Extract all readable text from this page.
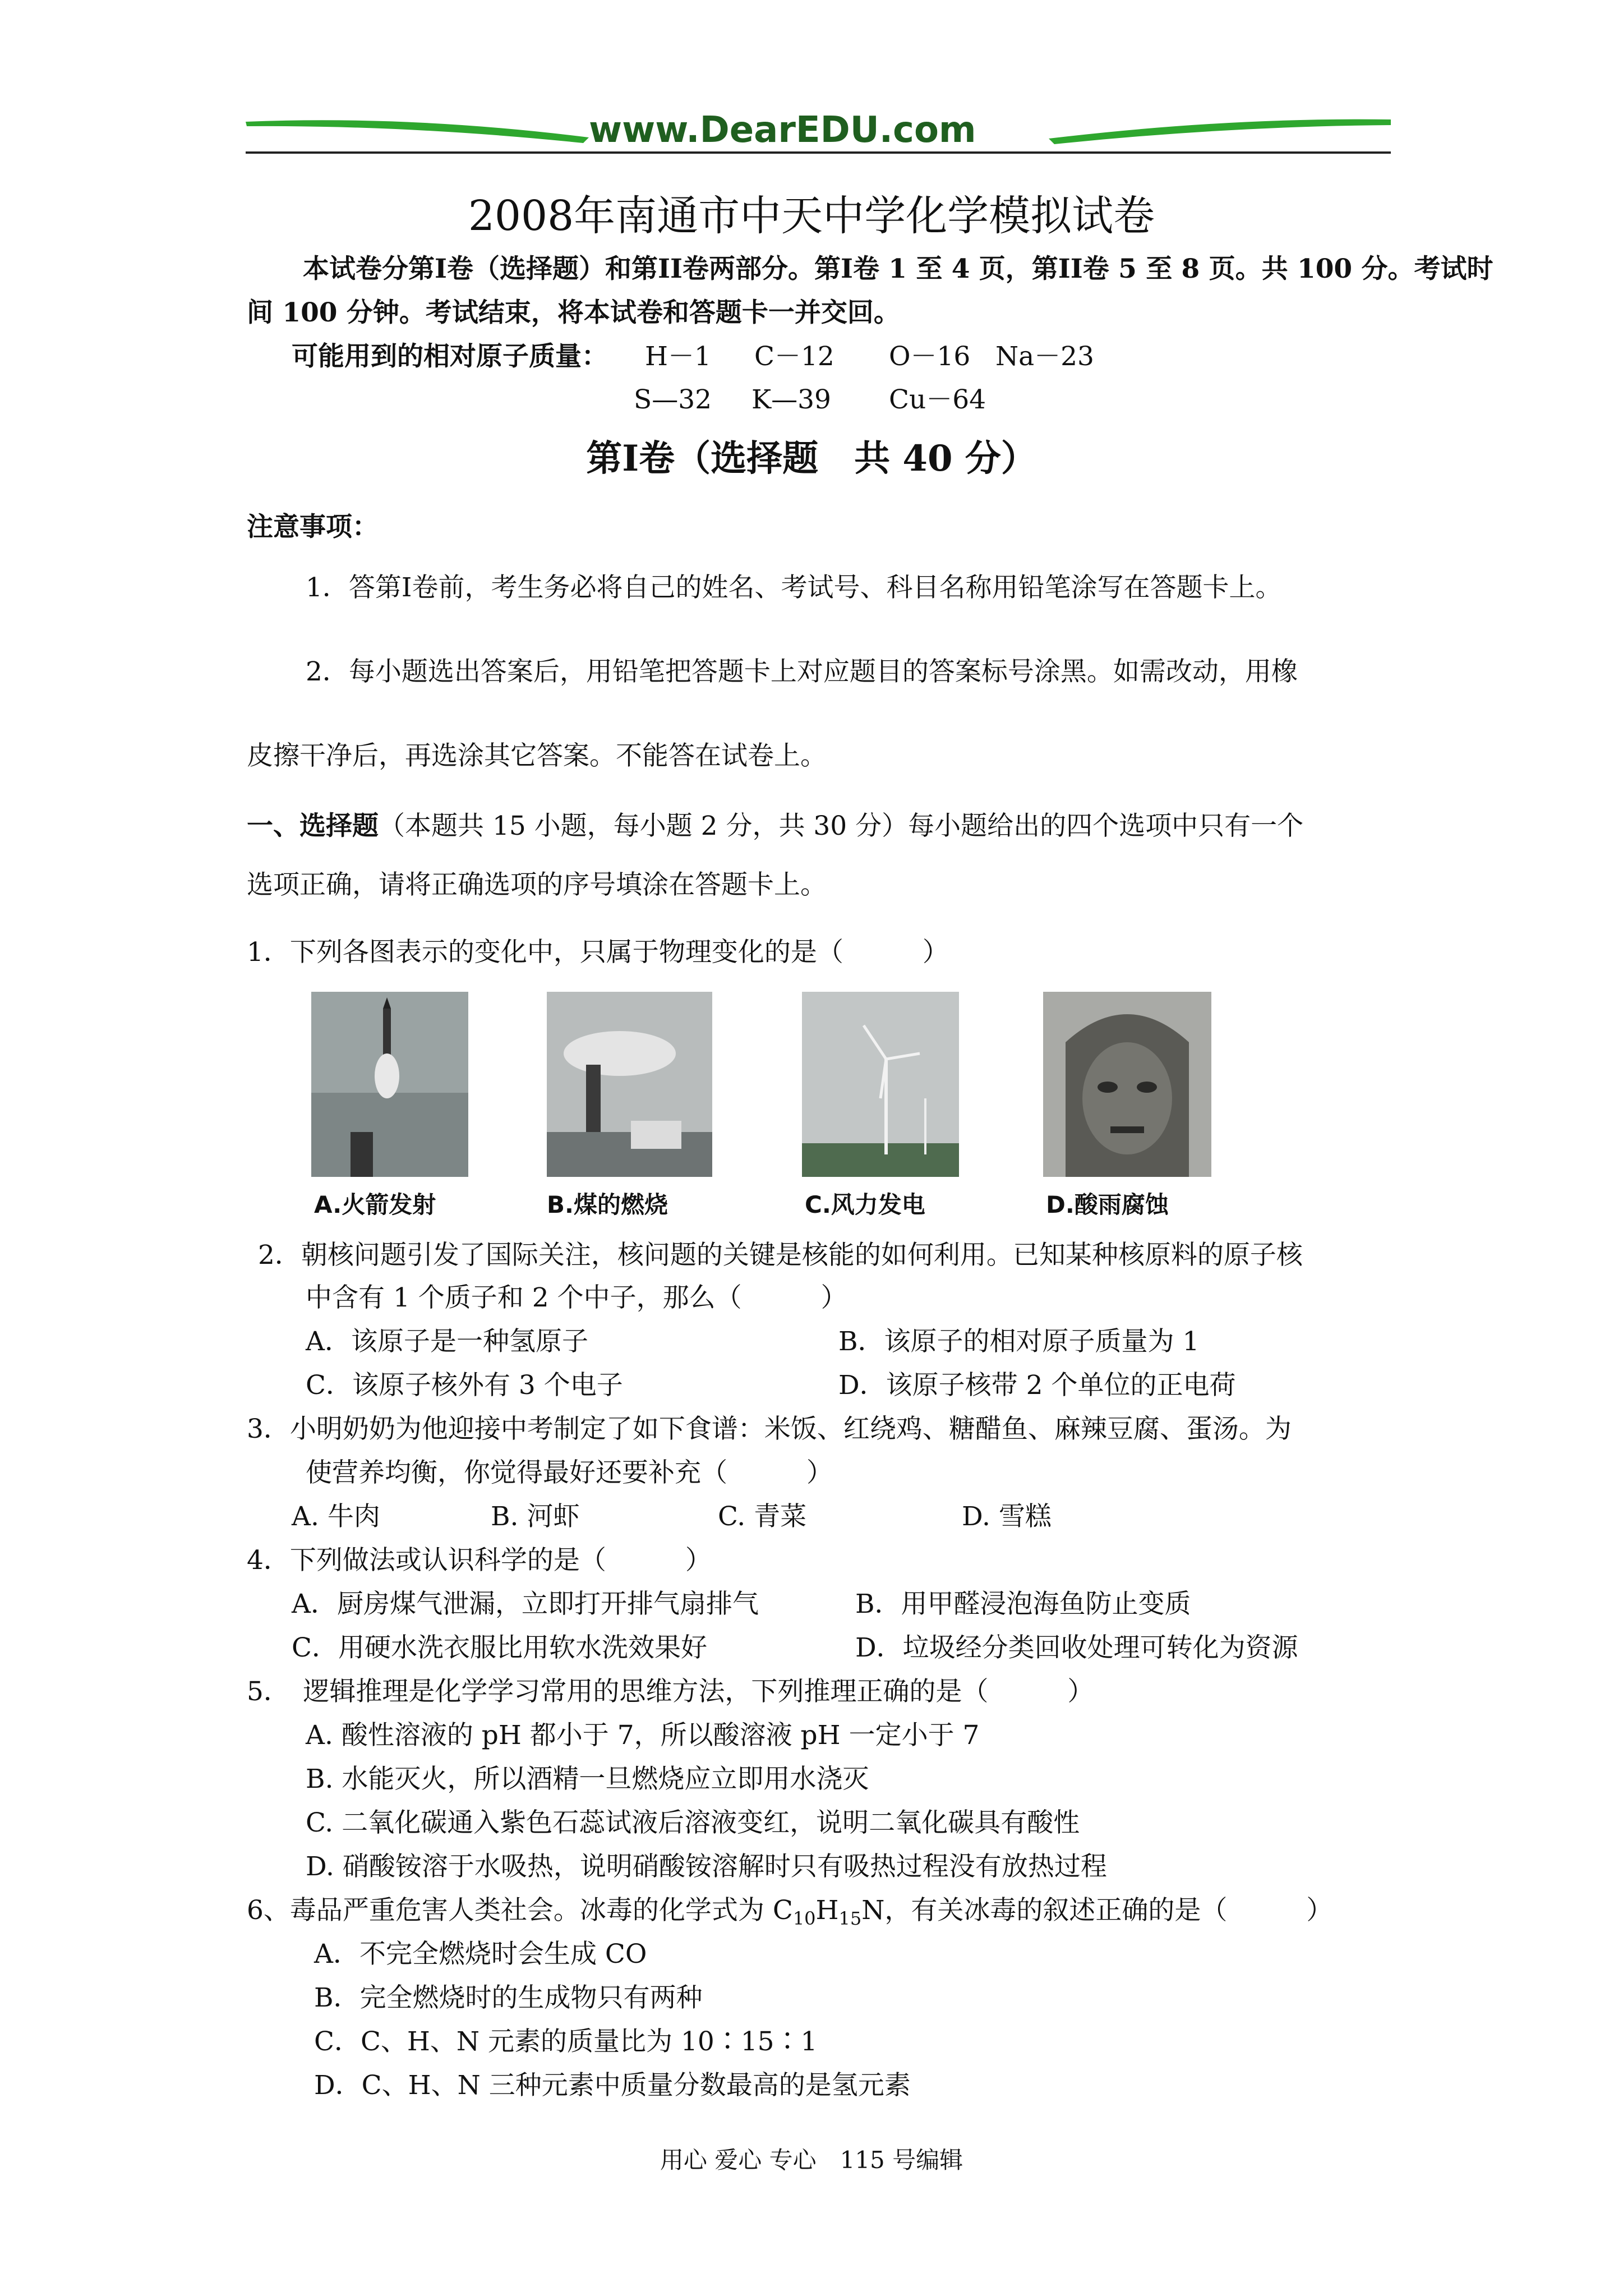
www.DearEDU.com
2008年南通市中天中学化学模拟试卷
本试卷分第I卷（选择题）和第II卷两部分。第I卷 1 至 4 页，第II卷 5 至 8 页。共 100 分。考试时
间 100 分钟。考试结束，将本试卷和答题卡一并交回。
可能用到的相对原子质量： H－1 C－12 O－16 Na－23
S—32 K—39 Cu－64
第I卷（选择题　共 40 分）
注意事项：
1．答第I卷前，考生务必将自己的姓名、考试号、科目名称用铅笔涂写在答题卡上。
2．每小题选出答案后，用铅笔把答题卡上对应题目的答案标号涂黑。如需改动，用橡
皮擦干净后，再选涂其它答案。不能答在试卷上。
一、选择题（本题共 15 小题，每小题 2 分，共 30 分）每小题给出的四个选项中只有一个
选项正确，请将正确选项的序号填涂在答题卡上。
1．下列各图表示的变化中，只属于物理变化的是（　　　）
A.火箭发射	B.煤的燃烧	C.风力发电	D.酸雨腐蚀
2．朝核问题引发了国际关注，核问题的关键是核能的如何利用。已知某种核原料的原子核
中含有 1 个质子和 2 个中子，那么（　　　）
A．该原子是一种氢原子	B．该原子的相对原子质量为 1
C．该原子核外有 3 个电子	D．该原子核带 2 个单位的正电荷
3．小明奶奶为他迎接中考制定了如下食谱：米饭、红绕鸡、糖醋鱼、麻辣豆腐、蛋汤。为
使营养均衡，你觉得最好还要补充（　　　）
A. 牛肉	B. 河虾	C. 青菜	D. 雪糕
4．下列做法或认识科学的是（　　　）
A．厨房煤气泄漏，立即打开排气扇排气	B．用甲醛浸泡海鱼防止变质
C．用硬水洗衣服比用软水洗效果好	D．垃圾经分类回收处理可转化为资源
5．　逻辑推理是化学学习常用的思维方法，下列推理正确的是（　　　）
A. 酸性溶液的 pH 都小于 7，所以酸溶液 pH 一定小于 7
B. 水能灭火，所以酒精一旦燃烧应立即用水浇灭
C. 二氧化碳通入紫色石蕊试液后溶液变红，说明二氧化碳具有酸性
D. 硝酸铵溶于水吸热，说明硝酸铵溶解时只有吸热过程没有放热过程
6、毒品严重危害人类社会。冰毒的化学式为 $C_{10}H_{15}N$，有关冰毒的叙述正确的是（　　　）
A．不完全燃烧时会生成 CO
B．完全燃烧时的生成物只有两种
C．C、H、N 元素的质量比为 10∶15∶1
D．C、H、N 三种元素中质量分数最高的是氢元素
用心 爱心 专心　115 号编辑
